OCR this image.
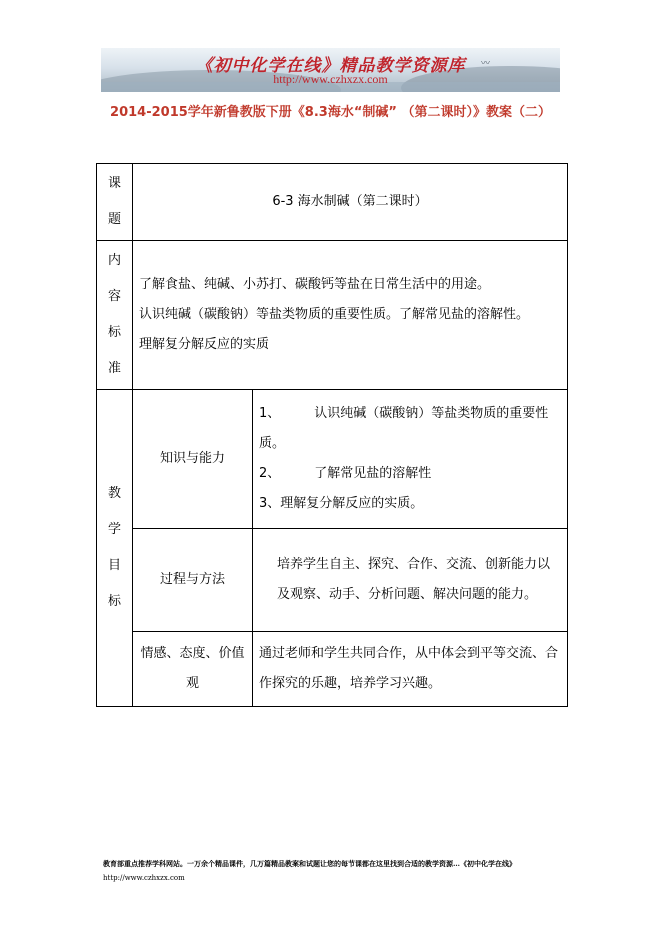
〰
《初中化学在线》精品教学资源库
http://www.czhxzx.com
2014-2015学年新鲁教版下册《8.3海水“制碱” （第二课时）》教案（二）
课题	6-3 海水制碱（第二课时）	
内容标准	了解食盐、纯碱、小苏打、碳酸钙等盐在日常生活中的用途。
认识纯碱（碳酸钠）等盐类物质的重要性质。了解常见盐的溶解性。
理解复分解反应的实质	

教学目标	知识与能力	1、 认识纯碱（碳酸钠）等盐类物质的重要性质。
2、 了解常见盐的溶解性
3、理解复分解反应的实质。

	过程与方法	培养学生自主、探究、合作、交流、创新能力以及观察、动手、分析问题、解决问题的能力。

	情感、态度、价值观	通过老师和学生共同合作，从中体会到平等交流、合作探究的乐趣，培养学习兴趣。
教育部重点推荐学科网站。一万余个精品课件，几万篇精品教案和试题让您的每节课都在这里找到合适的教学资源…《初中化学在线》 http://www.czhxzx.com
